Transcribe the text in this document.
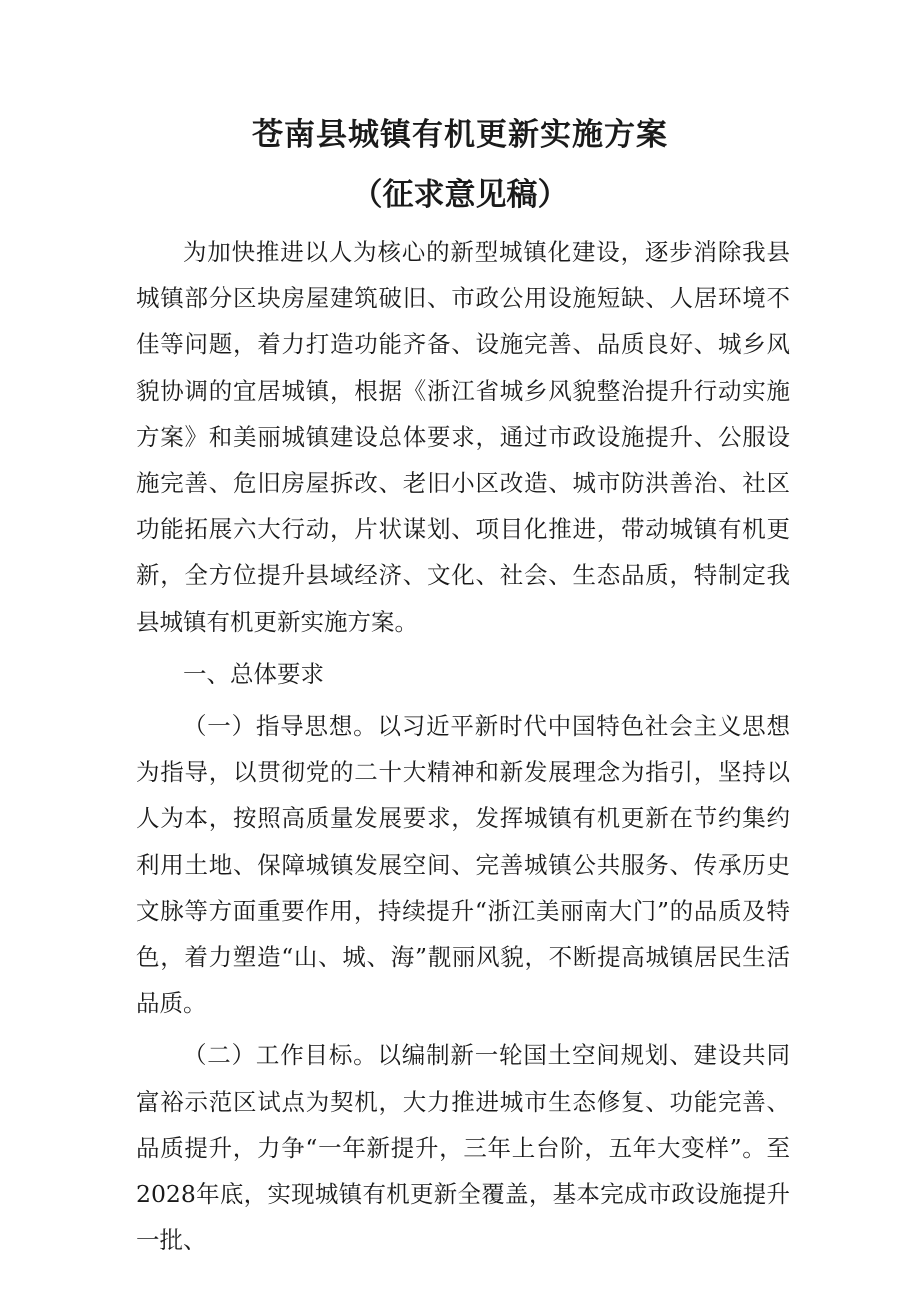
苍南县城镇有机更新实施方案
（征求意见稿）

为加快推进以人为核心的新型城镇化建设，逐步消除我县城镇部分区块房屋建筑破旧、市政公用设施短缺、人居环境不佳等问题，着力打造功能齐备、设施完善、品质良好、城乡风貌协调的宜居城镇，根据《浙江省城乡风貌整治提升行动实施方案》和美丽城镇建设总体要求，通过市政设施提升、公服设施完善、危旧房屋拆改、老旧小区改造、城市防洪善治、社区功能拓展六大行动，片状谋划、项目化推进，带动城镇有机更新，全方位提升县域经济、文化、社会、生态品质，特制定我县城镇有机更新实施方案。

一、总体要求

（一）指导思想。以习近平新时代中国特色社会主义思想为指导，以贯彻党的二十大精神和新发展理念为指引，坚持以人为本，按照高质量发展要求，发挥城镇有机更新在节约集约利用土地、保障城镇发展空间、完善城镇公共服务、传承历史文脉等方面重要作用，持续提升“浙江美丽南大门”的品质及特色，着力塑造“山、城、海”靓丽风貌，不断提高城镇居民生活品质。

（二）工作目标。以编制新一轮国土空间规划、建设共同富裕示范区试点为契机，大力推进城市生态修复、功能完善、品质提升，力争“一年新提升，三年上台阶，五年大变样”。至2028年底，实现城镇有机更新全覆盖，基本完成市政设施提升一批、
